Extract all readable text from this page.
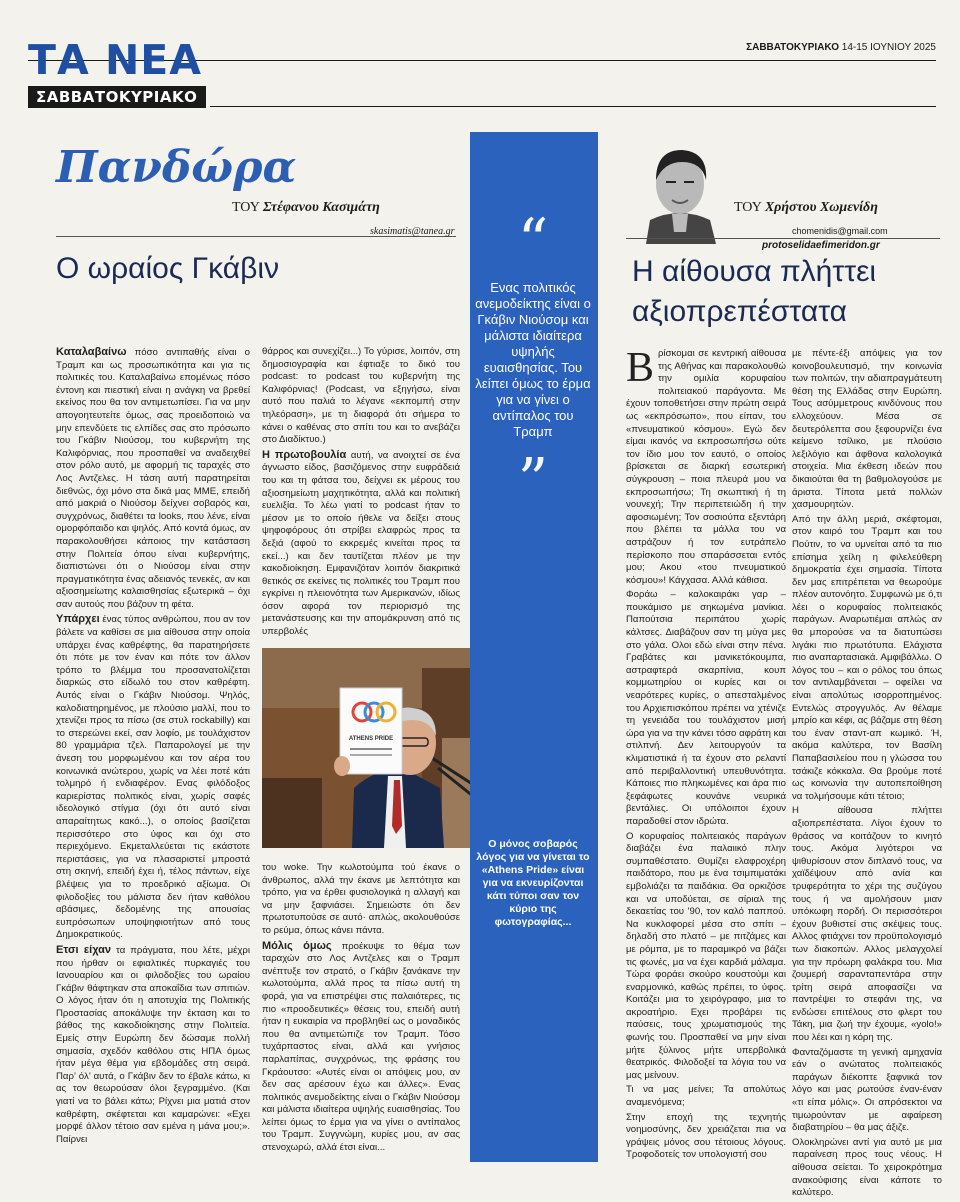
ΤΑ ΝΕΑ
ΣΑΒΒΑΤΟΚΥΡΙΑΚΟ
ΣΑΒΒΑΤΟΚΥΡΙΑΚΟ 14-15 ΙΟΥΝΙΟΥ 2025
Πανδώρα
ΤΟΥ Στέφανου Κασιμάτη
skasimatis@tanea.gr
Ο ωραίος Γκάβιν

Καταλαβαίνω πόσο αντιπαθής είναι ο Τραμπ και ως προσωπικότητα και για τις πολιτικές του. Καταλαβαίνω επομένως πόσο έντονη και πιεστική είναι η ανάγκη να βρεθεί εκείνος που θα τον αντιμετωπίσει. Για να μην απογοητευτείτε όμως, σας προειδοποιώ να μην επενδύετε τις ελπίδες σας στο πρόσωπο του Γκάβιν Νιούσομ, του κυβερνήτη της Καλιφόρνιας, που προσπαθεί να αναδειχθεί στον ρόλο αυτό, με αφορμή τις ταραχές στο Λος Αντζελες. Η τάση αυτή παρατηρείται διεθνώς, όχι μόνο στα δικά μας ΜΜΕ, επειδή από μακριά ο Νιούσομ δείχνει σοβαρός και, συγχρόνως, διαθέτει τα looks, που λένε, είναι ομορφόπαιδο και ψηλός. Από κοντά όμως, αν παρακολουθήσει κάποιος την κατάσταση στην Πολιτεία όπου είναι κυβερνήτης, διαπιστώνει ότι ο Νιούσομ είναι στην πραγματικότητα ένας αδειανός τενεκές, αν και αξιοσημείωτης καλαισθησίας εξωτερικά – όχι σαν αυτούς που βάζουν τη φέτα.

Υπάρχει ένας τύπος ανθρώπου, που αν τον βάλετε να καθίσει σε μια αίθουσα στην οποία υπάρχει ένας καθρέφτης, θα παρατηρήσετε ότι πότε με τον έναν και πότε τον άλλον τρόπο το βλέμμα του προσανατολίζεται διαρκώς στο είδωλό του στον καθρέφτη. Αυτός είναι ο Γκάβιν Νιούσομ. Ψηλός, καλοδιατηρημένος, με πλούσιο μαλλί, που το χτενίζει προς τα πίσω (σε στυλ rockabilly) και το στερεώνει εκεί, σαν λοφίο, με τουλάχιστον 80 γραμμάρια τζελ. Παπαρολογεί με την άνεση του μορφωμένου και τον αέρα του κοινωνικά ανώτερου, χωρίς να λέει ποτέ κάτι τολμηρό ή ενδιαφέρον. Ενας φιλόδοξος καριερίστας πολιτικός είναι, χωρίς σαφές ιδεολογικό στίγμα (όχι ότι αυτό είναι απαραίτητως κακό...), ο οποίος βασίζεται περισσότερο στο ύφος και όχι στο περιεχόμενο. Εκμεταλλεύεται τις εκάστοτε περιστάσεις, για να πλασαριστεί μπροστά στη σκηνή, επειδή έχει ή, τέλος πάντων, είχε βλέψεις για το προεδρικό αξίωμα. Οι φιλοδοξίες του μάλιστα δεν ήταν καθόλου αβάσιμες, δεδομένης της απουσίας ευπρόσωπων υποψηφιοτήτων από τους Δημοκρατικούς.

Ετσι είχαν τα πράγματα, που λέτε, μέχρι που ήρθαν οι εφιαλτικές πυρκαγιές του Ιανουαρίου και οι φιλοδοξίες του ωραίου Γκάβιν θάφτηκαν στα αποκαΐδια των σπιτιών. Ο λόγος ήταν ότι η αποτυχία της Πολιτικής Προστασίας αποκάλυψε την έκταση και το βάθος της κακοδιοίκησης στην Πολιτεία. Εμείς στην Ευρώπη δεν δώσαμε πολλή σημασία, σχεδόν καθόλου στις ΗΠΑ όμως ήταν μέγα θέμα για εβδομάδες στη σειρά. Παρ’ όλ’ αυτά, ο Γκάβιν δεν το έβαλε κάτω, κι ας τον θεωρούσαν όλοι ξεγραμμένο. (Και γιατί να το βάλει κάτω; Ρίχνει μια ματιά στον καθρέφτη, σκέφτεται και καμαρώνει: «Εχει μορφέ άλλον τέτοιο σαν εμένα η μάνα μου;». Παίρνει

θάρρος και συνεχίζει...) Το γύρισε, λοιπόν, στη δημοσιογραφία και έφτιαξε το δικό του podcast: το podcast του κυβερνήτη της Καλιφόρνιας! (Podcast, να εξηγήσω, είναι αυτό που παλιά το λέγανε «εκπομπή στην τηλεόραση», με τη διαφορά ότι σήμερα το κάνει ο καθένας στο σπίτι του και το ανεβάζει στο Διαδίκτυο.)

Η πρωτοβουλία αυτή, να ανοιχτεί σε ένα άγνωστο είδος, βασιζόμενος στην ευφράδειά του και τη φάτσα του, δείχνει εκ μέρους του αξιοσημείωτη μαχητικότητα, αλλά και πολιτική ευελιξία. Το λέω γιατί το podcast ήταν το μέσον με το οποίο ήθελε να δείξει στους ψηφοφόρους ότι στρίβει ελαφρώς προς τα δεξιά (αφού το εκκρεμές κινείται προς τα εκεί...) και δεν ταυτίζεται πλέον με την κακοδιοίκηση. Εμφανιζόταν λοιπόν διακριτικά θετικός σε εκείνες τις πολιτικές του Τραμπ που εγκρίνει η πλειονότητα των Αμερικανών, ιδίως όσον αφορά τον περιορισμό της μετανάστευσης και την απομάκρυνση από τις υπερβολές

ATHENS PRIDE

του woke. Την κωλοτούμπα τού έκανε ο άνθρωπος, αλλά την έκανε με λεπτότητα και τρόπο, για να έρθει φυσιολογικά η αλλαγή και να μην ξαφνιάσει. Σημειώστε ότι δεν πρωτοτυπούσε σε αυτό· απλώς, ακολουθούσε το ρεύμα, όπως κάνει πάντα.

Μόλις όμως προέκυψε το θέμα των ταραχών στο Λος Αντζελες και ο Τραμπ ανέπτυξε τον στρατό, ο Γκάβιν ξανάκανε την κωλοτούμπα, αλλά προς τα πίσω αυτή τη φορά, για να επιστρέψει στις παλαιότερες, τις πιο «προοδευτικές» θέσεις του, επειδή αυτή ήταν η ευκαιρία να προβληθεί ως ο μοναδικός που θα αντιμετώπιζε τον Τραμπ. Τόσο τυχάρπαστος είναι, αλλά και γνήσιος παρλαπίπας, συγχρόνως, της φράσης του Γκράουτσο: «Αυτές είναι οι απόψεις μου, αν δεν σας αρέσουν έχω και άλλες». Ενας πολιτικός ανεμοδείκτης είναι ο Γκάβιν Νιούσομ και μάλιστα ιδιαίτερα υψηλής ευαισθησίας. Του λείπει όμως το έρμα για να γίνει ο αντίπαλος του Τραμπ. Συγγνώμη, κυρίες μου, αν σας στενοχωρώ, αλλά έτσι είναι...

“
Ενας πολιτικός ανεμοδείκτης είναι ο Γκάβιν Νιούσομ και μάλιστα ιδιαίτερα υψηλής ευαισθησίας. Του λείπει όμως το έρμα για να γίνει ο αντίπαλος του Τραμπ
”
Ο μόνος σοβαρός λόγος για να γίνεται το «Athens Pride» είναι για να εκνευρίζονται κάτι τύποι σαν τον κύριο της φωτογραφίας...
ΤΟΥ Χρήστου Χωμενίδη
chomenidis@gmail.com
protoselidaefimeridon.gr
Η αίθουσα πλήττει αξιοπρεπέστατα

Βρίσκομαι σε κεντρική αίθουσα της Αθήνας και παρακολουθώ την ομιλία κορυφαίου πολιτειακού παράγοντα. Με έχουν τοποθετήσει στην πρώτη σειρά ως «εκπρόσωπο», που είπαν, του «πνευματικού κόσμου». Εγώ δεν είμαι ικανός να εκπροσωπήσω ούτε τον ίδιο μου τον εαυτό, ο οποίος βρίσκεται σε διαρκή εσωτερική σύγκρουση – ποια πλευρά μου να εκπροσωπήσω; Τη σκωπτική ή τη νουνεχή; Την περιπετειώδη ή την αφοσιωμένη; Τον σοσιούπα εξεντάρη που βλέπει τα μάλλα του να αστράζουν ή τον ευτράπελο περίσκοπο που σπαράσσεται εντός μου; Ακου «του πνευματικού κόσμου»! Κάγχασα. Αλλά κάθισα.

Φοράω – καλοκαιράκι γαρ – πουκάμισο με σηκωμένα μανίκια. Παπούτσια περιπάτου χωρίς κάλτσες. Διαβάζουν σαν τη μύγα μες στο γάλα. Ολοι εδώ είναι στην πένα. Γραβάτες και μανικετόκουμπα, αστραφτερά σκαρπίνια, κουπ κομμωτηρίου οι κυρίες και οι νεαρότερες κυρίες, ο απεσταλμένος του Αρχιεπισκόπου πρέπει να χτένιζε τη γενειάδα του τουλάχιστον μισή ώρα για να την κάνει τόσο αφράτη και στιλπνή. Δεν λειτουργούν τα κλιματιστικά ή τα έχουν στο ρελαντί από περιβαλλοντική υπευθυνότητα. Κάποιες πιο πληκωμένες και άρα πιο ξεφάφωτες κουνάνε νευρικά βεντάλιες. Οι υπόλοιποι έχουν παραδοθεί στον ιδρώτα.

Ο κορυφαίος πολιτειακός παράγων διαβάζει ένα παλαιικό πλην συμπαθέστατο. Θυμίζει ελαφροχέρη παιδάτορο, που με ένα τσιμπιματάκι εμβολιάζει τα παιδάκια. Θα ορκιζόσε και να υποδύεται, σε σίριαλ της δεκαετίας του '90, τον καλό παππού. Να κυκλοφορεί μέσα στο σπίτι – δηλαδή στο πλατό – με πιτζάμες και με ρόμπα, με το παραμικρό να βάζει τις φωνές, μα να έχει καρδιά μάλαμα. Τώρα φοράει σκούρο κουστούμι και εναρμονικό, καθώς πρέπει, το ύφος. Κοιτάζει μια το χειρόγραφο, μια το ακροατήριο. Εχει προβάρει τις παύσεις, τους χρωματισμούς της φωνής του. Προσπαθεί να μην είναι μήτε ξύλινος μήτε υπερβολικά θεατρικός. Φιλοδοξεί τα λόγια του να μας μείνουν.

Τι να μας μείνει; Τα απολύτως αναμενόμενα;

Στην εποχή της τεχνητής νοημοσύνης, δεν χρειάζεται πια να γράψεις μόνος σου τέτοιους λόγους. Τροφοδοτείς τον υπολογιστή σου

με πέντε-έξι απόψεις για τον κοινοβουλευτισμό, την κοινωνία των πολιτών, την αδιαπραγμάτευτη θέση της Ελλάδας στην Ευρώπη. Τους ασύμμετρους κινδύνους που ελλοχεύουν. Μέσα σε δευτερόλεπτα σου ξεφουρνίζει ένα κείμενο τσίλικο, με πλούσιο λεξιλόγιο και άφθονα καλολογικά στοιχεία. Μια έκθεση ιδεών που δικαιούται θα τη βαθμολογούσε με άριστα. Τίποτα μετά πολλών χασμουρητών.

Από την άλλη μεριά, σκέφτομαι, στον καιρό του Τραμπ και του Πούτιν, το να υμνείται από τα πιο επίσημα χείλη η φιλελεύθερη δημοκρατία έχει σημασία. Τίποτα δεν μας επιτρέπεται να θεωρούμε πλέον αυτονόητο. Συμφωνώ με ό,τι λέει ο κορυφαίος πολιτειακός παράγων. Αναρωτιέμαι απλώς αν θα μπορούσε να τα διατυπώσει λιγάκι πιο πρωτότυπα. Ελάχιστα πιο αναπαρτασιακά. Αμφιβάλλω. Ο λόγος του – και ο ρόλος του όπως τον αντιλαμβάνεται – οφείλει να είναι απολύτως ισορροπημένος. Εντελώς στρογγυλός. Αν θέλαμε μπρίο και κέφι, ας βάζαμε στη θέση του έναν σταντ-απ κωμικό. Ή, ακόμα καλύτερα, τον Βασίλη Παπαβασιλείου που η γλώσσα του τσάκιζε κόκκαλα. Θα βρούμε ποτέ ως κοινωνία την αυτοπεποίθηση να τολμήσουμε κάτι τέτοιο;

Η αίθουσα πλήττει αξιοπρεπέστατα. Λίγοι έχουν το θράσος να κοιτάζουν το κινητό τους. Ακόμα λιγότεροι να ψιθυρίσουν στον διπλανό τους, να χαϊδέψουν από ανία και τρυφερότητα το χέρι της συζύγου τους ή να αμολήσουν μιαν υπόκωφη πορδή. Οι περισσότεροι έχουν βυθιστεί στις σκέψεις τους. Αλλος φτιάχνει τον προϋπολογισμό των διακοπών. Αλλος μελαγχολεί για την πρόωρη φαλάκρα του. Μια ζουμερή σαρανταπεντάρα στην τρίτη σειρά αποφασίζει να παντρέψει το στεφάνι της, να ενδώσει επιτέλους στο φλερτ του Τάκη, μια ζωή την έχουμε, «yolo!» που λέει και η κόρη της.

Φανταζόμαστε τη γενική αμηχανία εάν ο ανώτατος πολιτειακός παράγων διέκοπτε ξαφνικά τον λόγο και μας ρωτούσε έναν-έναν «τι είπα μόλις». Οι απρόσεκτοι να τιμωρούνταν με αφαίρεση διαβατηρίου – θα μας άξιζε.

Ολοκληρώνει αντί για αυτό με μια παραίνεση προς τους νέους. Η αίθουσα σείεται. Το χειροκρότημα ανακούφισης είναι κάποτε το καλύτερο.
